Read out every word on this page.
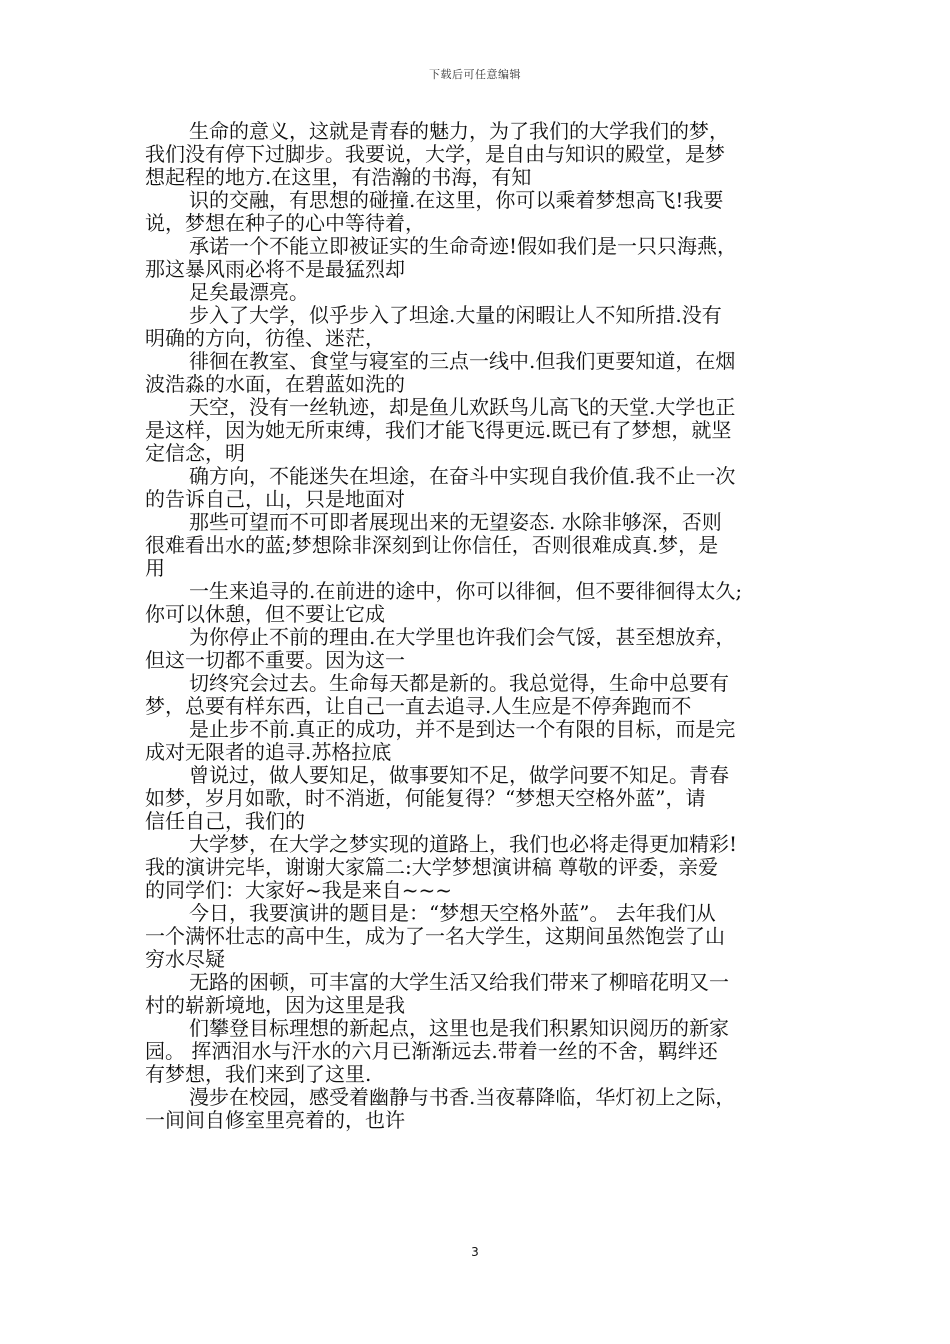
下载后可任意编辑
生命的意义，这就是青春的魅力，为了我们的大学我们的梦，
我们没有停下过脚步。我要说，大学，是自由与知识的殿堂，是梦
想起程的地方.在这里，有浩瀚的书海，有知
识的交融，有思想的碰撞.在这里，你可以乘着梦想高飞!我要
说，梦想在种子的心中等待着，
承诺一个不能立即被证实的生命奇迹!假如我们是一只只海燕，
那这暴风雨必将不是最猛烈却
足矣最漂亮。
步入了大学，似乎步入了坦途.大量的闲暇让人不知所措.没有
明确的方向，彷徨、迷茫，
徘徊在教室、食堂与寝室的三点一线中.但我们更要知道，在烟
波浩淼的水面，在碧蓝如洗的
天空，没有一丝轨迹，却是鱼儿欢跃鸟儿高飞的天堂.大学也正
是这样，因为她无所束缚，我们才能飞得更远.既已有了梦想，就坚
定信念，明
确方向，不能迷失在坦途，在奋斗中实现自我价值.我不止一次
的告诉自己，山，只是地面对
那些可望而不可即者展现出来的无望姿态. 水除非够深，否则
很难看出水的蓝;梦想除非深刻到让你信任，否则很难成真.梦，是
用
一生来追寻的.在前进的途中，你可以徘徊，但不要徘徊得太久;
你可以休憩，但不要让它成
为你停止不前的理由.在大学里也许我们会气馁，甚至想放弃，
但这一切都不重要。因为这一
切终究会过去。生命每天都是新的。我总觉得，生命中总要有
梦，总要有样东西，让自己一直去追寻.人生应是不停奔跑而不
是止步不前.真正的成功，并不是到达一个有限的目标，而是完
成对无限者的追寻.苏格拉底
曾说过，做人要知足，做事要知不足，做学问要不知足。青春
如梦，岁月如歌，时不消逝，何能复得？“梦想天空格外蓝”，请
信任自己，我们的
大学梦，在大学之梦实现的道路上，我们也必将走得更加精彩!
我的演讲完毕，谢谢大家篇二:大学梦想演讲稿 尊敬的评委，亲爱
的同学们：大家好~我是来自~~~
今日，我要演讲的题目是：“梦想天空格外蓝”。 去年我们从
一个满怀壮志的高中生，成为了一名大学生，这期间虽然饱尝了山
穷水尽疑
无路的困顿，可丰富的大学生活又给我们带来了柳暗花明又一
村的崭新境地，因为这里是我
们攀登目标理想的新起点，这里也是我们积累知识阅历的新家
园。 挥洒泪水与汗水的六月已渐渐远去.带着一丝的不舍，羁绊还
有梦想，我们来到了这里.
漫步在校园，感受着幽静与书香.当夜幕降临，华灯初上之际，
一间间自修室里亮着的，也许
3
